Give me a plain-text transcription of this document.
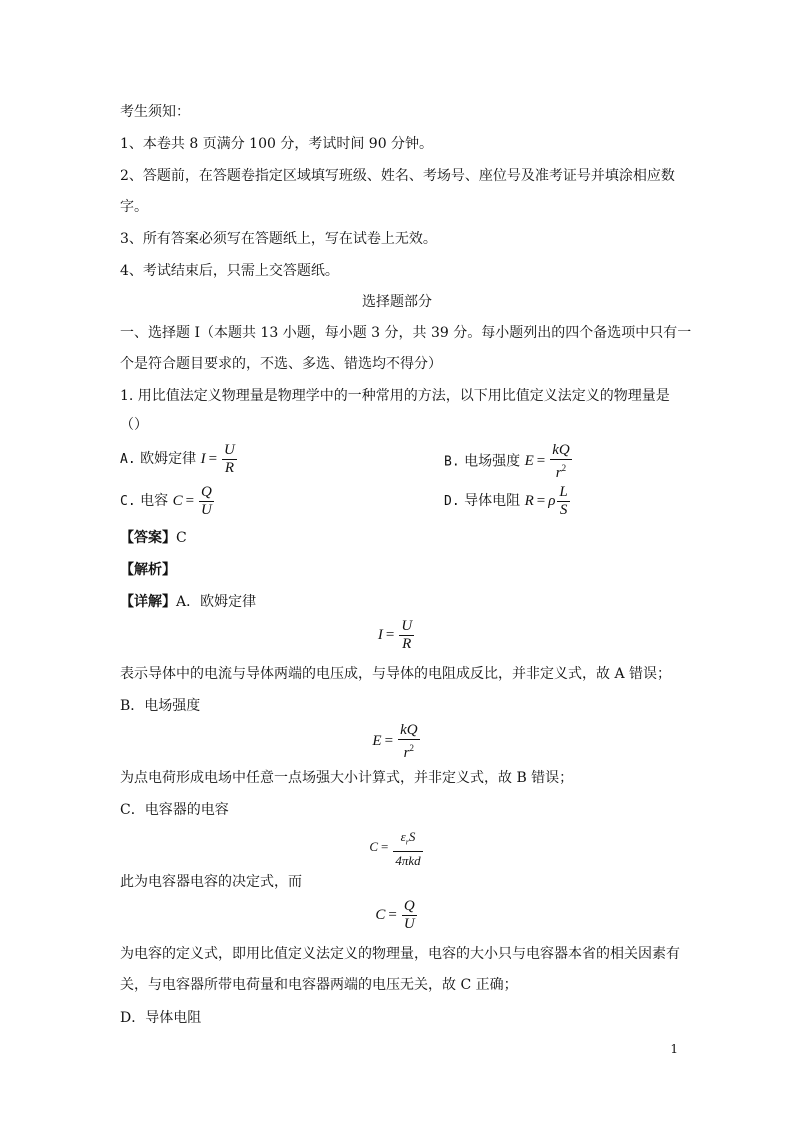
考生须知：
1、本卷共 8 页满分 100 分，考试时间 90 分钟。
2、答题前，在答题卷指定区域填写班级、姓名、考场号、座位号及准考证号并填涂相应数
字。
3、所有答案必须写在答题纸上，写在试卷上无效。
4、考试结束后，只需上交答题纸。
选择题部分
一、选择题 I（本题共 13 小题，每小题 3 分，共 39 分。每小题列出的四个备选项中只有一
个是符合题目要求的，不选、多选、错选均不得分）
1. 用比值法定义物理量是物理学中的一种常用的方法，以下用比值定义法定义的物理量是
（）
A. 欧姆定律 $I = \frac{U}{R}$	B. 电场强度 $E = \frac{kQ}{r^2}$
C. 电容 $C = \frac{Q}{U}$	D. 导体电阻 R = ρ $\frac{L}{S}$
【答案】C
【解析】
【详解】A．欧姆定律
$I = \frac{U}{R}$
表示导体中的电流与导体两端的电压成，与导体的电阻成反比，并非定义式，故 A 错误；
B．电场强度
$E = \frac{kQ}{r^2}$
为点电荷形成电场中任意一点场强大小计算式，并非定义式，故 B 错误；
C．电容器的电容
$C = \frac{\varepsilon_rS}{\text{4πkd}}$
此为电容器电容的决定式，而
$C = \frac{Q}{U}$
为电容的定义式，即用比值定义法定义的物理量，电容的大小只与电容器本省的相关因素有
关，与电容器所带电荷量和电容器两端的电压无关，故 C 正确；
D．导体电阻
1
